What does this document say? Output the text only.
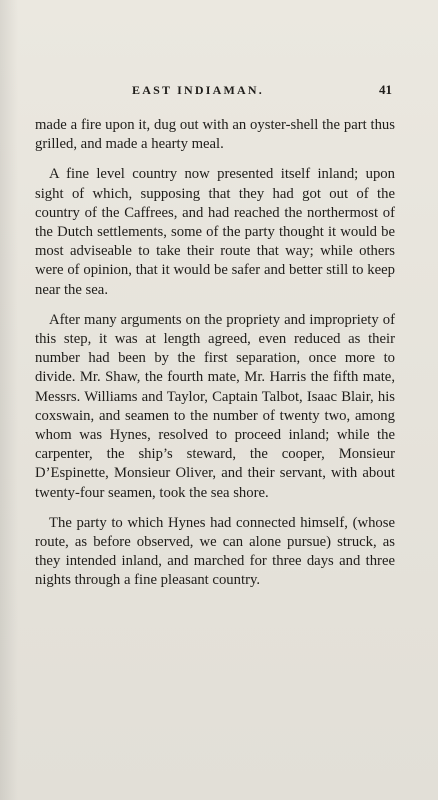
EAST INDIAMAN.	41

made a fire upon it, dug out with an oyster-shell the part thus grilled, and made a hearty meal.

A fine level country now presented itself inland; upon sight of which, supposing that they had got out of the country of the Caffrees, and had reached the northermost of the Dutch settlements, some of the party thought it would be most adviseable to take their route that way; while others were of opinion, that it would be safer and better still to keep near the sea.

After many arguments on the propriety and impropriety of this step, it was at length agreed, even reduced as their number had been by the first separation, once more to divide. Mr. Shaw, the fourth mate, Mr. Harris the fifth mate, Messrs. Williams and Taylor, Captain Talbot, Isaac Blair, his coxswain, and seamen to the number of twenty two, among whom was Hynes, resolved to proceed inland; while the carpenter, the ship’s steward, the cooper, Monsieur D’Espinette, Monsieur Oliver, and their servant, with about twenty-four seamen, took the sea shore.

The party to which Hynes had connected himself, (whose route, as before observed, we can alone pursue) struck, as they intended inland, and marched for three days and three nights through a fine pleasant country.
